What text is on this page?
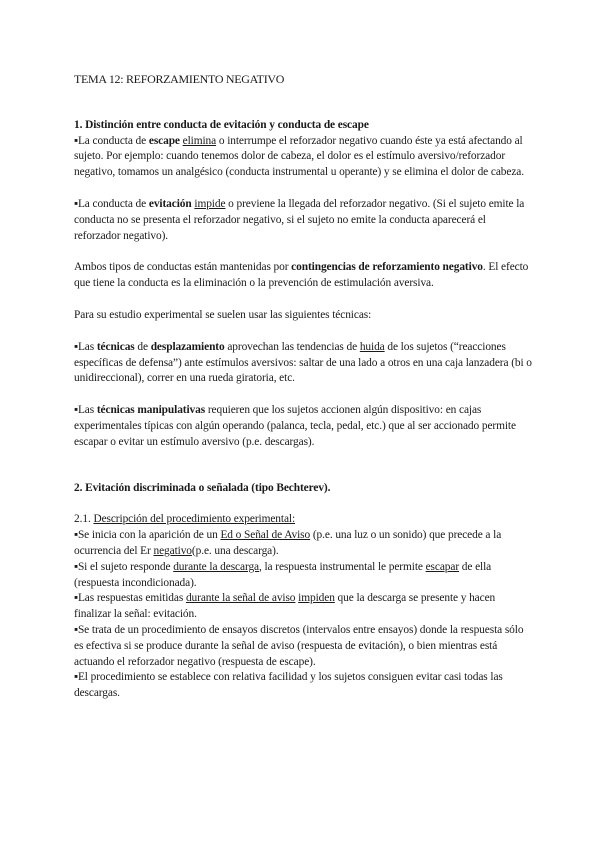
TEMA 12: REFORZAMIENTO NEGATIVO

1. Distinción entre conducta de evitación y conducta de escape

▪La conducta de escape elimina o interrumpe el reforzador negativo cuando éste ya está afectando al sujeto. Por ejemplo: cuando tenemos dolor de cabeza, el dolor es el estímulo aversivo/reforzador negativo, tomamos un analgésico (conducta instrumental u operante) y se elimina el dolor de cabeza.

▪La conducta de evitación impide o previene la llegada del reforzador negativo. (Si el sujeto emite la conducta no se presenta el reforzador negativo, si el sujeto no emite la conducta aparecerá el reforzador negativo).

Ambos tipos de conductas están mantenidas por contingencias de reforzamiento negativo. El efecto que tiene la conducta es la eliminación o la prevención de estimulación aversiva.

Para su estudio experimental se suelen usar las siguientes técnicas:

▪Las técnicas de desplazamiento aprovechan las tendencias de huida de los sujetos (“reacciones específicas de defensa”) ante estímulos aversivos: saltar de una lado a otros en una caja lanzadera (bi o unidireccional), correr en una rueda giratoria, etc.

▪Las técnicas manipulativas requieren que los sujetos accionen algún dispositivo: en cajas experimentales típicas con algún operando (palanca, tecla, pedal, etc.) que al ser accionado permite escapar o evitar un estímulo aversivo (p.e. descargas).

2. Evitación discriminada o señalada (tipo Bechterev).

2.1. Descripción del procedimiento experimental:

▪Se inicia con la aparición de un Ed o Señal de Aviso (p.e. una luz o un sonido) que precede a la ocurrencia del Er negativo(p.e. una descarga).

▪Si el sujeto responde durante la descarga, la respuesta instrumental le permite escapar de ella (respuesta incondicionada).

▪Las respuestas emitidas durante la señal de aviso impiden que la descarga se presente y hacen finalizar la señal: evitación.

▪Se trata de un procedimiento de ensayos discretos (intervalos entre ensayos) donde la respuesta sólo es efectiva si se produce durante la señal de aviso (respuesta de evitación), o bien mientras está actuando el reforzador negativo (respuesta de escape).

▪El procedimiento se establece con relativa facilidad y los sujetos consiguen evitar casi todas las descargas.
